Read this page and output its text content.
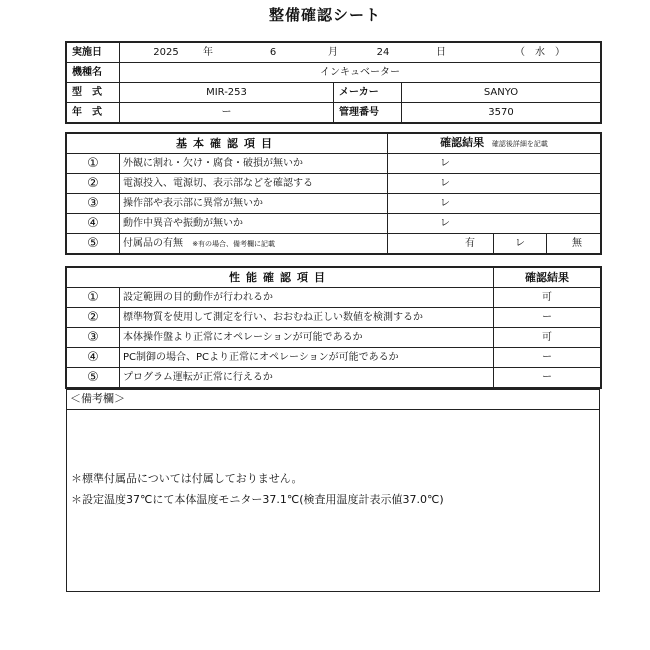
整備確認シート
実施日	2025 年 6 月 24 日 （ 水 ）		
機種名	インキュベーター		
型　式	MIR-253	メーカー	SANYO
年　式	ー	管理番号	3570
基本確認項目		確認結果 確認後詳細を記載		
①	外観に割れ・欠け・腐食・破損が無いか	レ		
②	電源投入、電源切、表示部などを確認する	レ		
③	操作部や表示部に異常が無いか	レ		
④	動作中異音や振動が無いか	レ		
⑤	付属品の有無 ※有の場合、備考欄に記載	有	レ	無
性能確認項目		確認結果
①	設定範囲の目的動作が行われるか	可
②	標準物質を使用して測定を行い、おおむね正しい数値を検測するか	ー
③	本体操作盤より正常にオペレーションが可能であるか	可
④	PC制御の場合、PCより正常にオペレーションが可能であるか	ー
⑤	プログラム運転が正常に行えるか	ー
＜備考欄＞
＊標準付属品については付属しておりません。
＊設定温度37℃にて本体温度モニター37.1℃(検査用温度計表示値37.0℃)
